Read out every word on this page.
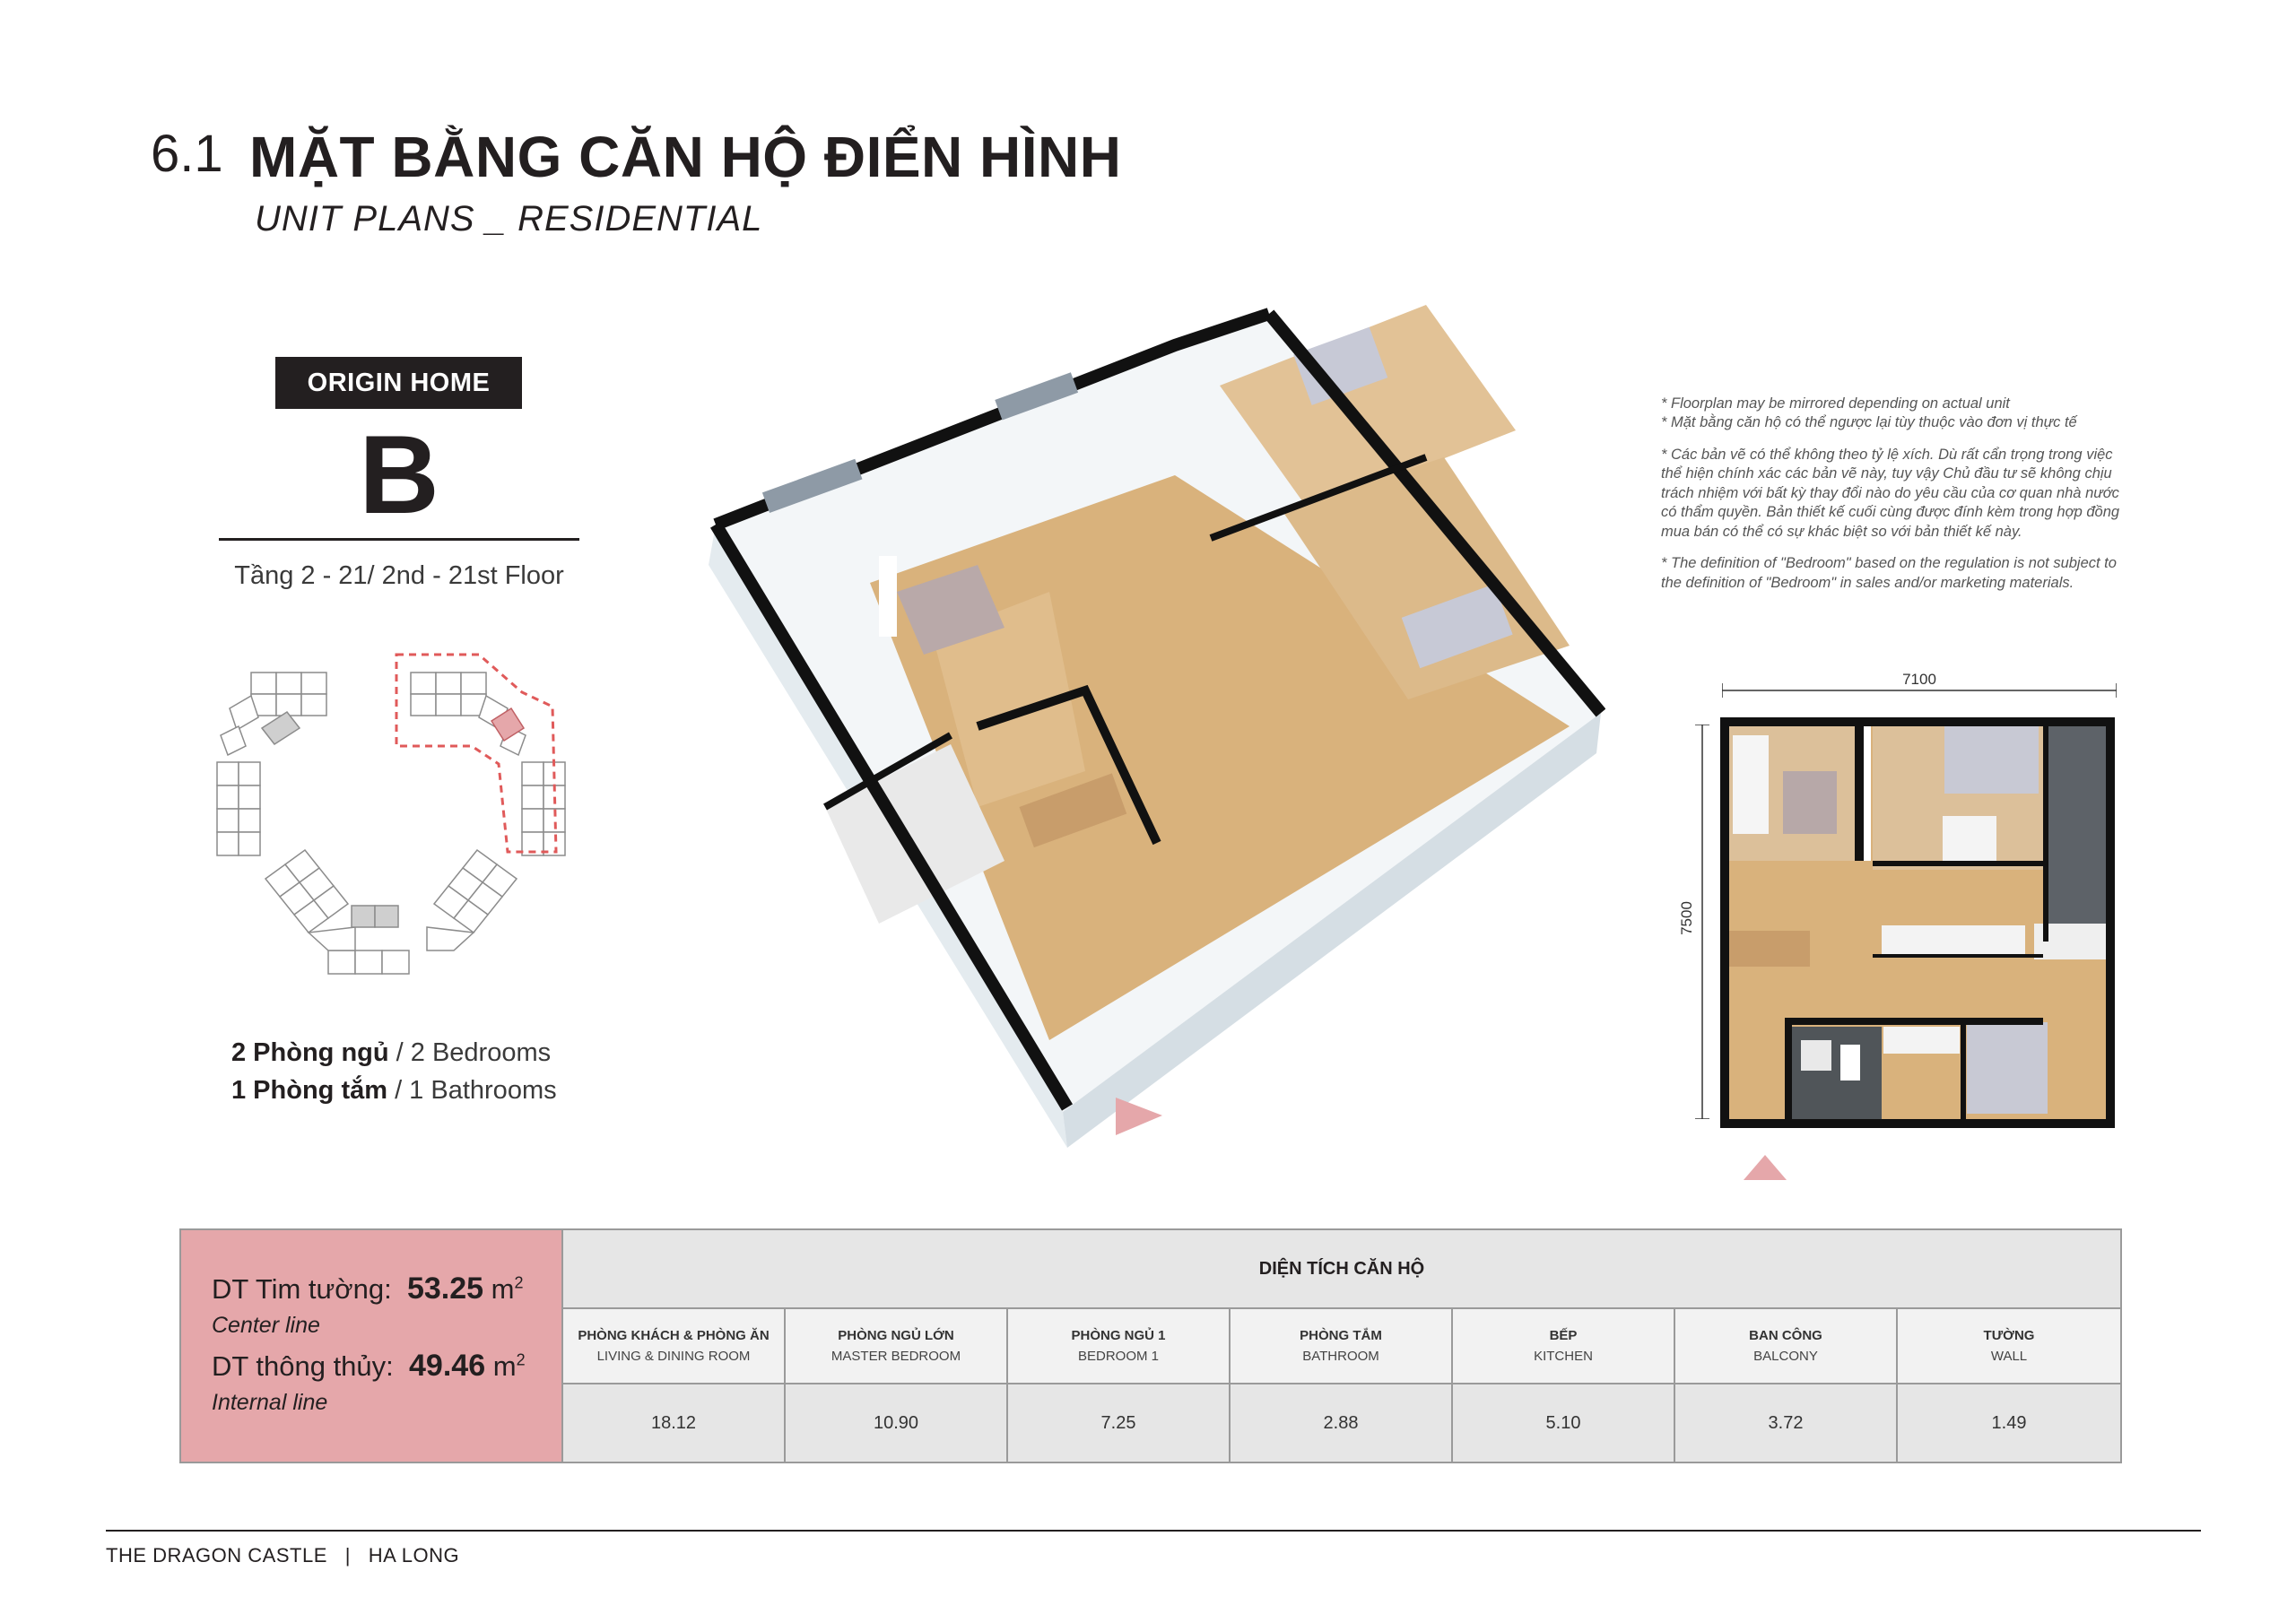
6.1 MẶT BẰNG CĂN HỘ ĐIỂN HÌNH
UNIT PLANS _ RESIDENTIAL
ORIGIN HOME
B
Tầng 2 - 21/ 2nd - 21st Floor
2 Phòng ngủ / 2 Bedrooms
1 Phòng tắm / 1 Bathrooms

* Floorplan may be mirrored depending on actual unit
* Mặt bằng căn hộ có thể ngược lại tùy thuộc vào đơn vị thực tế

* Các bản vẽ có thể không theo tỷ lệ xích. Dù rất cẩn trọng trong việc thể hiện chính xác các bản vẽ này, tuy vậy Chủ đầu tư sẽ không chịu trách nhiệm với bất kỳ thay đổi nào do yêu cầu của cơ quan nhà nước có thẩm quyền. Bản thiết kế cuối cùng được đính kèm trong hợp đồng mua bán có thể có sự khác biệt so với bản thiết kế này.

* The definition of "Bedroom" based on the regulation is not subject to the definition of "Bedroom" in sales and/or marketing materials.

7100
7500
DT Tim tường: 53.25 $m^2$
Center line
DT thông thủy: 49.46 $m^2$
Internal line
DIỆN TÍCH CĂN HỘ
PHÒNG KHÁCH & PHÒNG ĂN
LIVING & DINING ROOM
18.12
PHÒNG NGỦ LỚN
MASTER BEDROOM
10.90
PHÒNG NGỦ 1
BEDROOM 1
7.25
PHÒNG TẮM
BATHROOM
2.88
BẾP
KITCHEN
5.10
BAN CÔNG
BALCONY
3.72
TƯỜNG
WALL
1.49
THE DRAGON CASTLE | HA LONG
